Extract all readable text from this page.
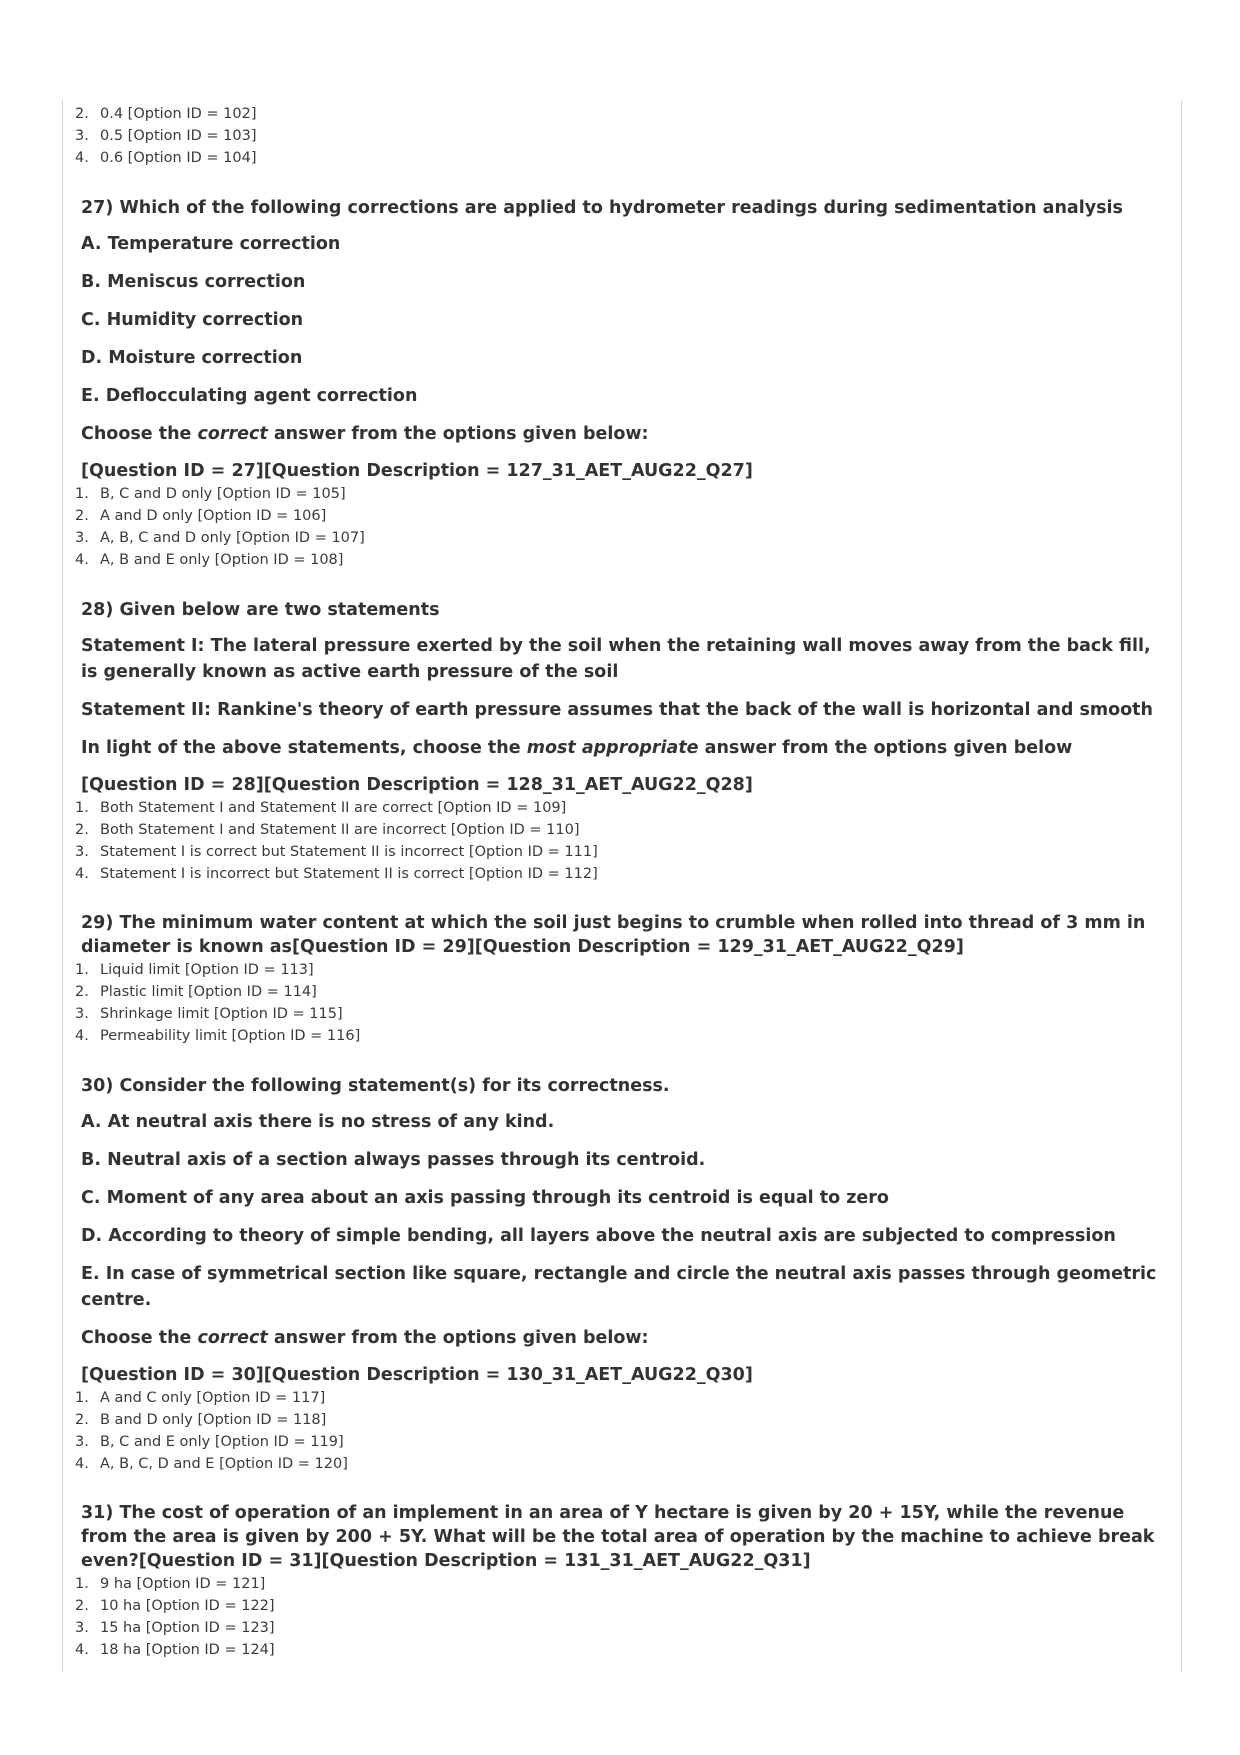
2. 0.4 [Option ID = 102]
3. 0.5 [Option ID = 103]
4. 0.6 [Option ID = 104]
27) Which of the following corrections are applied to hydrometer readings during sedimentation analysis
A. Temperature correction
B. Meniscus correction
C. Humidity correction
D. Moisture correction
E. Deflocculating agent correction
Choose the correct answer from the options given below:
[Question ID = 27][Question Description = 127_31_AET_AUG22_Q27]
1. B, C and D only [Option ID = 105]
2. A and D only [Option ID = 106]
3. A, B, C and D only [Option ID = 107]
4. A, B and E only [Option ID = 108]
28) Given below are two statements
Statement I: The lateral pressure exerted by the soil when the retaining wall moves away from the back fill, is generally known as active earth pressure of the soil
Statement II: Rankine's theory of earth pressure assumes that the back of the wall is horizontal and smooth
In light of the above statements, choose the most appropriate answer from the options given below
[Question ID = 28][Question Description = 128_31_AET_AUG22_Q28]
1. Both Statement I and Statement II are correct [Option ID = 109]
2. Both Statement I and Statement II are incorrect [Option ID = 110]
3. Statement I is correct but Statement II is incorrect [Option ID = 111]
4. Statement I is incorrect but Statement II is correct [Option ID = 112]
29) The minimum water content at which the soil just begins to crumble when rolled into thread of 3 mm in diameter is known as[Question ID = 29][Question Description = 129_31_AET_AUG22_Q29]
1. Liquid limit [Option ID = 113]
2. Plastic limit [Option ID = 114]
3. Shrinkage limit [Option ID = 115]
4. Permeability limit [Option ID = 116]
30) Consider the following statement(s) for its correctness.
A. At neutral axis there is no stress of any kind.
B. Neutral axis of a section always passes through its centroid.
C. Moment of any area about an axis passing through its centroid is equal to zero
D. According to theory of simple bending, all layers above the neutral axis are subjected to compression
E. In case of symmetrical section like square, rectangle and circle the neutral axis passes through geometric centre.
Choose the correct answer from the options given below:
[Question ID = 30][Question Description = 130_31_AET_AUG22_Q30]
1. A and C only [Option ID = 117]
2. B and D only [Option ID = 118]
3. B, C and E only [Option ID = 119]
4. A, B, C, D and E [Option ID = 120]
31) The cost of operation of an implement in an area of Y hectare is given by 20 + 15Y, while the revenue from the area is given by 200 + 5Y. What will be the total area of operation by the machine to achieve break even?[Question ID = 31][Question Description = 131_31_AET_AUG22_Q31]
1. 9 ha [Option ID = 121]
2. 10 ha [Option ID = 122]
3. 15 ha [Option ID = 123]
4. 18 ha [Option ID = 124]
